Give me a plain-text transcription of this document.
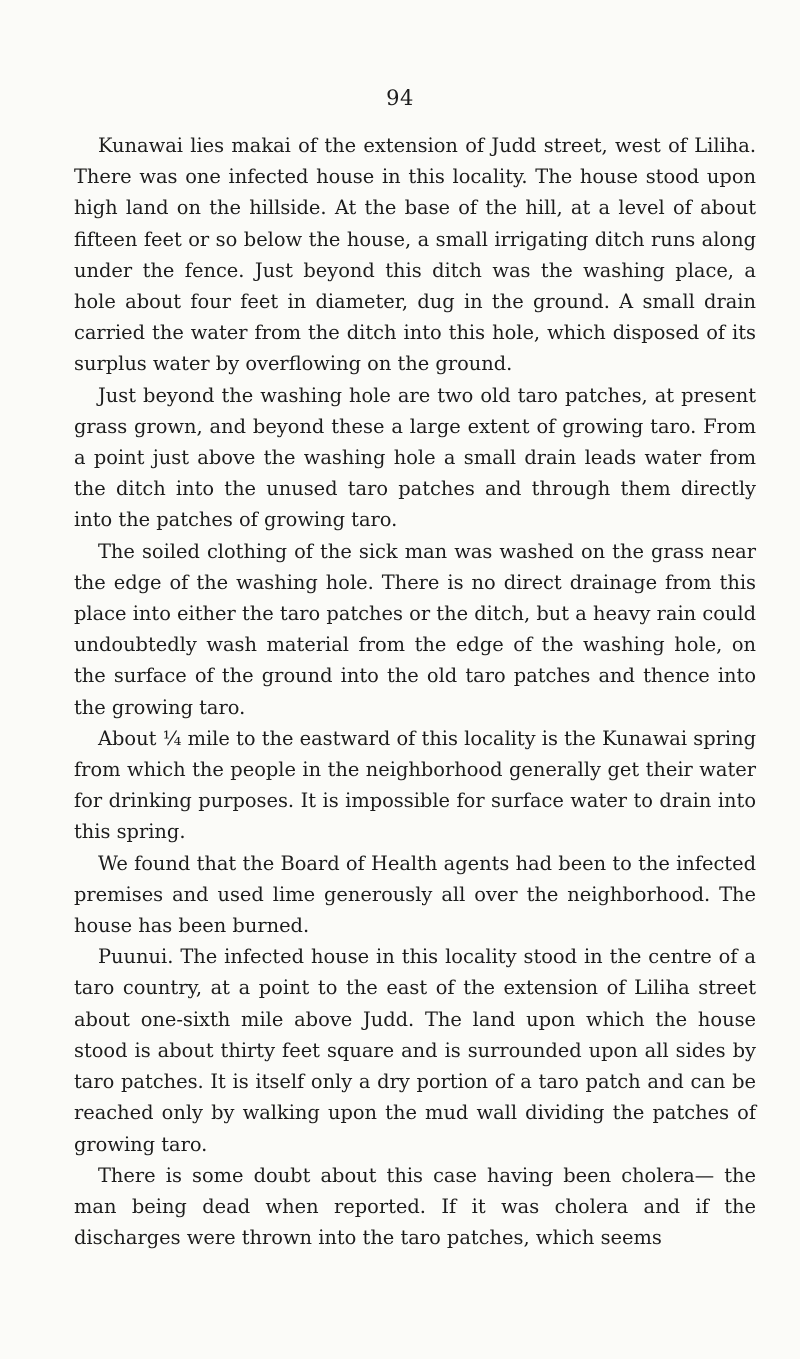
94

Kunawai lies makai of the extension of Judd street, west of Liliha. There was one infected house in this locality. The house stood upon high land on the hillside. At the base of the hill, at a level of about fifteen feet or so below the house, a small irrigating ditch runs along under the fence. Just beyond this ditch was the washing place, a hole about four feet in diameter, dug in the ground. A small drain carried the water from the ditch into this hole, which disposed of its surplus water by overflowing on the ground.

Just beyond the washing hole are two old taro patches, at present grass grown, and beyond these a large extent of growing taro. From a point just above the washing hole a small drain leads water from the ditch into the unused taro patches and through them directly into the patches of growing taro.

The soiled clothing of the sick man was washed on the grass near the edge of the washing hole. There is no direct drainage from this place into either the taro patches or the ditch, but a heavy rain could undoubtedly wash material from the edge of the washing hole, on the surface of the ground into the old taro patches and thence into the growing taro.

About ¼ mile to the eastward of this locality is the Kunawai spring from which the people in the neighborhood generally get their water for drinking purposes. It is impossible for surface water to drain into this spring.

We found that the Board of Health agents had been to the infected premises and used lime generously all over the neighborhood. The house has been burned.

Puunui. The infected house in this locality stood in the centre of a taro country, at a point to the east of the extension of Liliha street about one-sixth mile above Judd. The land upon which the house stood is about thirty feet square and is surrounded upon all sides by taro patches. It is itself only a dry portion of a taro patch and can be reached only by walking upon the mud wall dividing the patches of growing taro.

There is some doubt about this case having been cholera— the man being dead when reported. If it was cholera and if the discharges were thrown into the taro patches, which seems
